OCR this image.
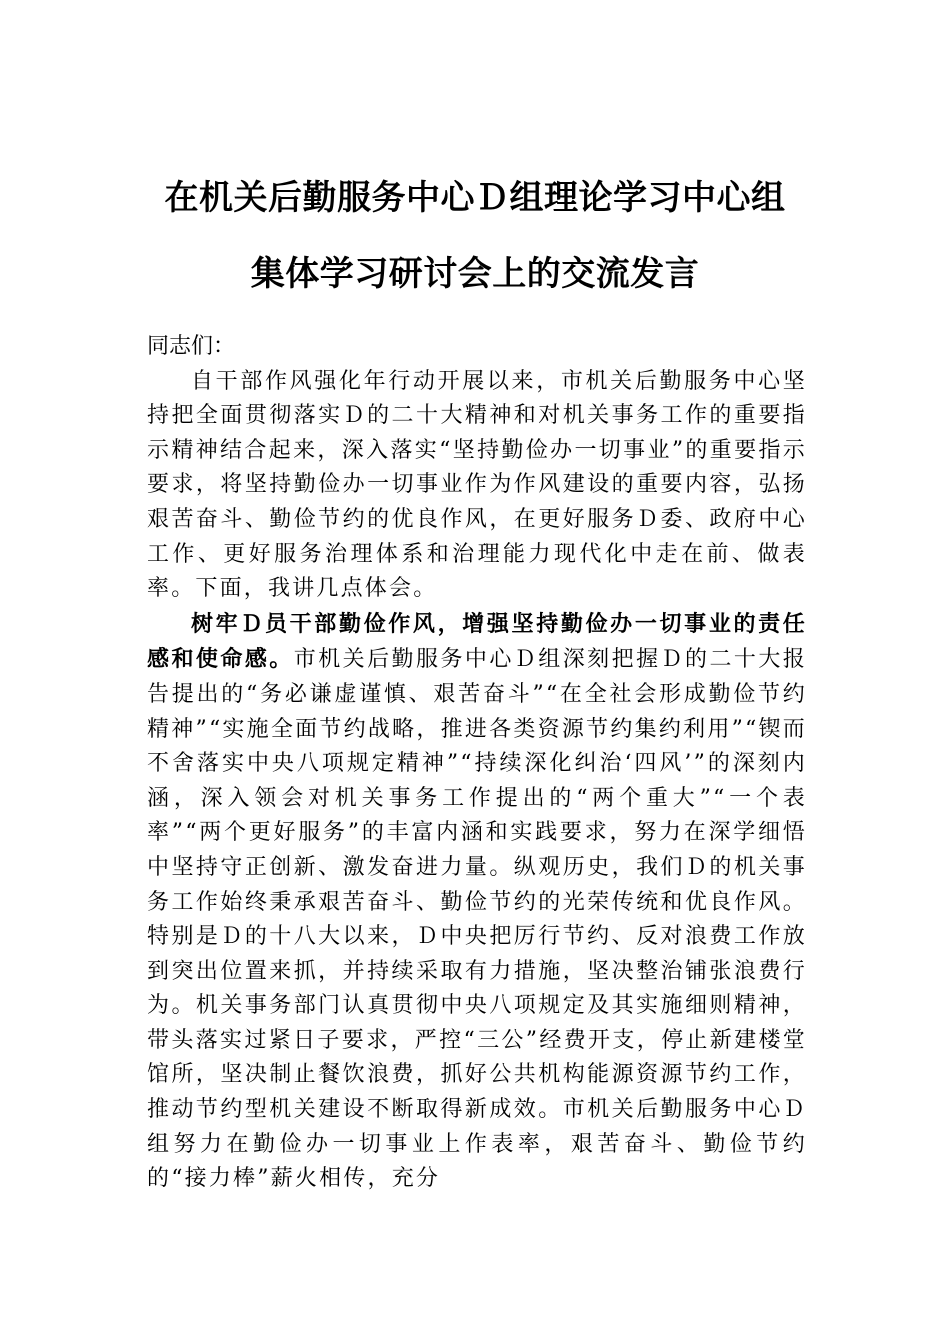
在机关后勤服务中心Ｄ组理论学习中心组
集体学习研讨会上的交流发言

同志们：

自干部作风强化年行动开展以来，市机关后勤服务中心坚持把全面贯彻落实Ｄ的二十大精神和对机关事务工作的重要指示精神结合起来，深入落实“坚持勤俭办一切事业”的重要指示要求，将坚持勤俭办一切事业作为作风建设的重要内容，弘扬艰苦奋斗、勤俭节约的优良作风，在更好服务Ｄ委、政府中心工作、更好服务治理体系和治理能力现代化中走在前、做表率。下面，我讲几点体会。

树牢Ｄ员干部勤俭作风，增强坚持勤俭办一切事业的责任感和使命感。市机关后勤服务中心Ｄ组深刻把握Ｄ的二十大报告提出的“务必谦虚谨慎、艰苦奋斗”“在全社会形成勤俭节约精神”“实施全面节约战略，推进各类资源节约集约利用”“锲而不舍落实中央八项规定精神”“持续深化纠治‘四风’”的深刻内涵，深入领会对机关事务工作提出的“两个重大”“一个表率”“两个更好服务”的丰富内涵和实践要求，努力在深学细悟中坚持守正创新、激发奋进力量。纵观历史，我们Ｄ的机关事务工作始终秉承艰苦奋斗、勤俭节约的光荣传统和优良作风。特别是Ｄ的十八大以来，Ｄ中央把厉行节约、反对浪费工作放到突出位置来抓，并持续采取有力措施，坚决整治铺张浪费行为。机关事务部门认真贯彻中央八项规定及其实施细则精神，带头落实过紧日子要求，严控“三公”经费开支，停止新建楼堂馆所，坚决制止餐饮浪费，抓好公共机构能源资源节约工作，推动节约型机关建设不断取得新成效。市机关后勤服务中心Ｄ组努力在勤俭办一切事业上作表率，艰苦奋斗、勤俭节约的“接力棒”薪火相传，充分
